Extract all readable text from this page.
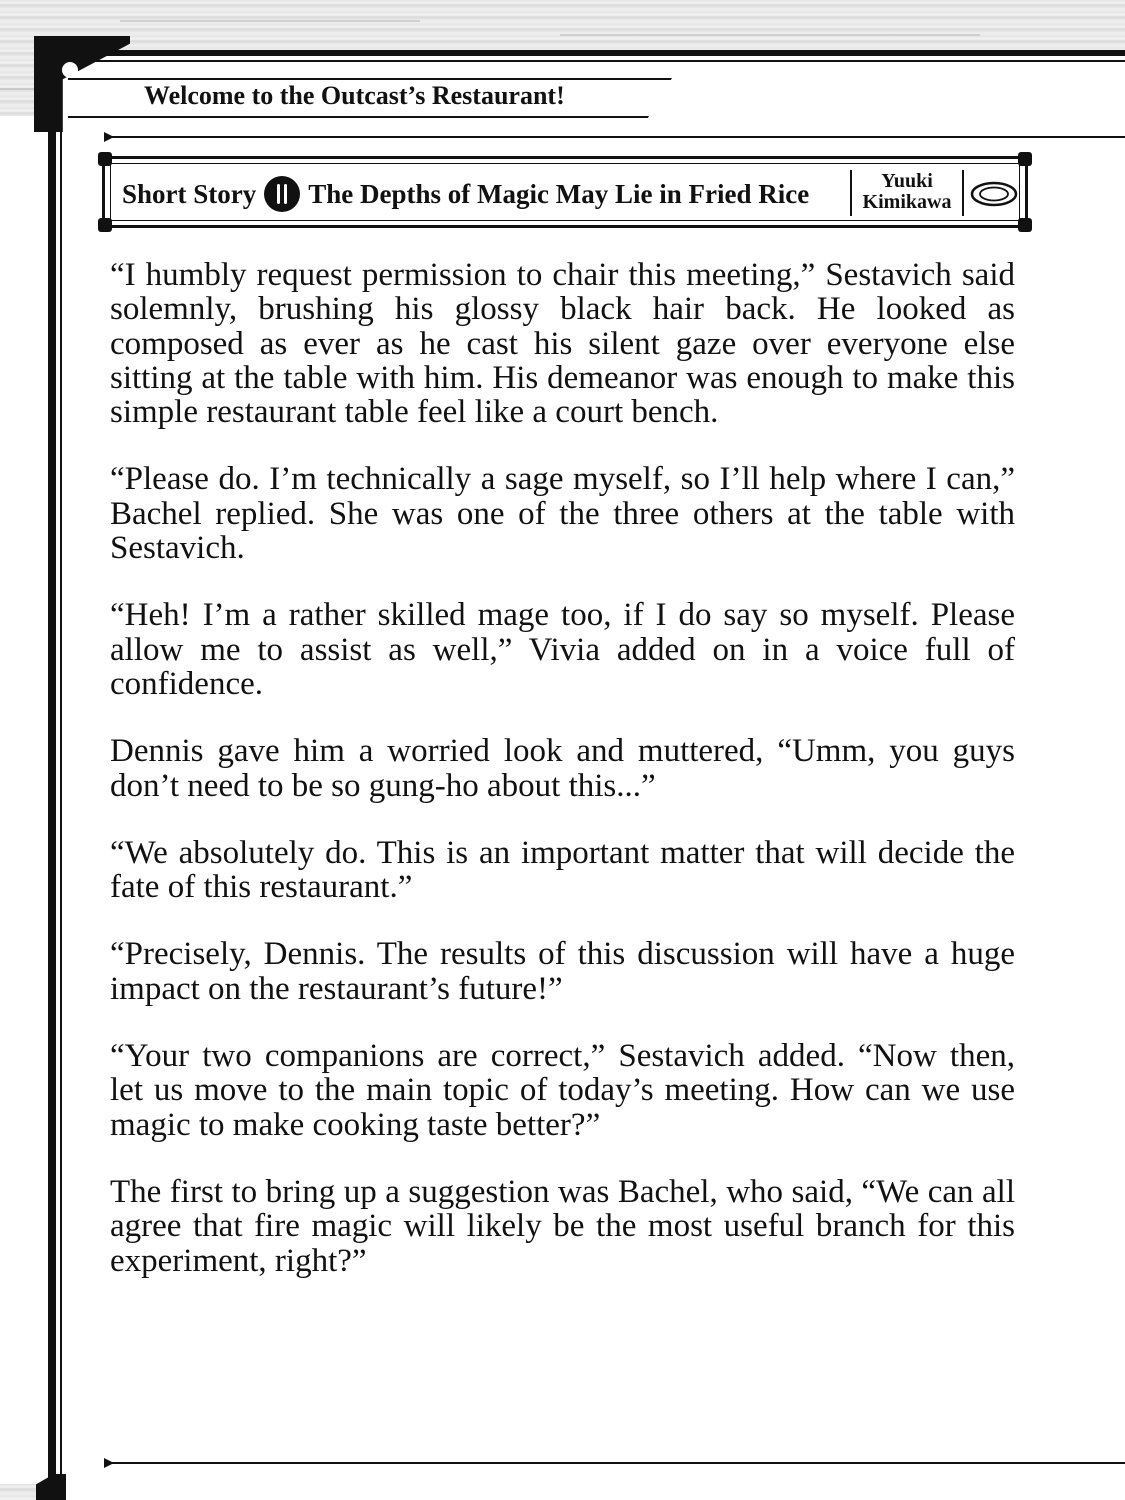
Welcome to the Outcast’s Restaurant!
Short Story The Depths of Magic May Lie in Fried Rice	Yuuki
Kimikawa

“I humbly request permission to chair this meeting,” Sestavich said solemnly, brushing his glossy black hair back. He looked as composed as ever as he cast his silent gaze over everyone else sitting at the table with him. His demeanor was enough to make this simple restaurant table feel like a court bench.

“Please do. I’m technically a sage myself, so I’ll help where I can,” Bachel replied. She was one of the three others at the table with Sestavich.

“Heh! I’m a rather skilled mage too, if I do say so myself. Please allow me to assist as well,” Vivia added on in a voice full of confidence.

Dennis gave him a worried look and muttered, “Umm, you guys don’t need to be so gung-ho about this...”

“We absolutely do. This is an important matter that will decide the fate of this restaurant.”

“Precisely, Dennis. The results of this discussion will have a huge impact on the restaurant’s future!”

“Your two companions are correct,” Sestavich added. “Now then, let us move to the main topic of today’s meeting. How can we use magic to make cooking taste better?”

The first to bring up a suggestion was Bachel, who said, “We can all agree that fire magic will likely be the most useful branch for this experiment, right?”
